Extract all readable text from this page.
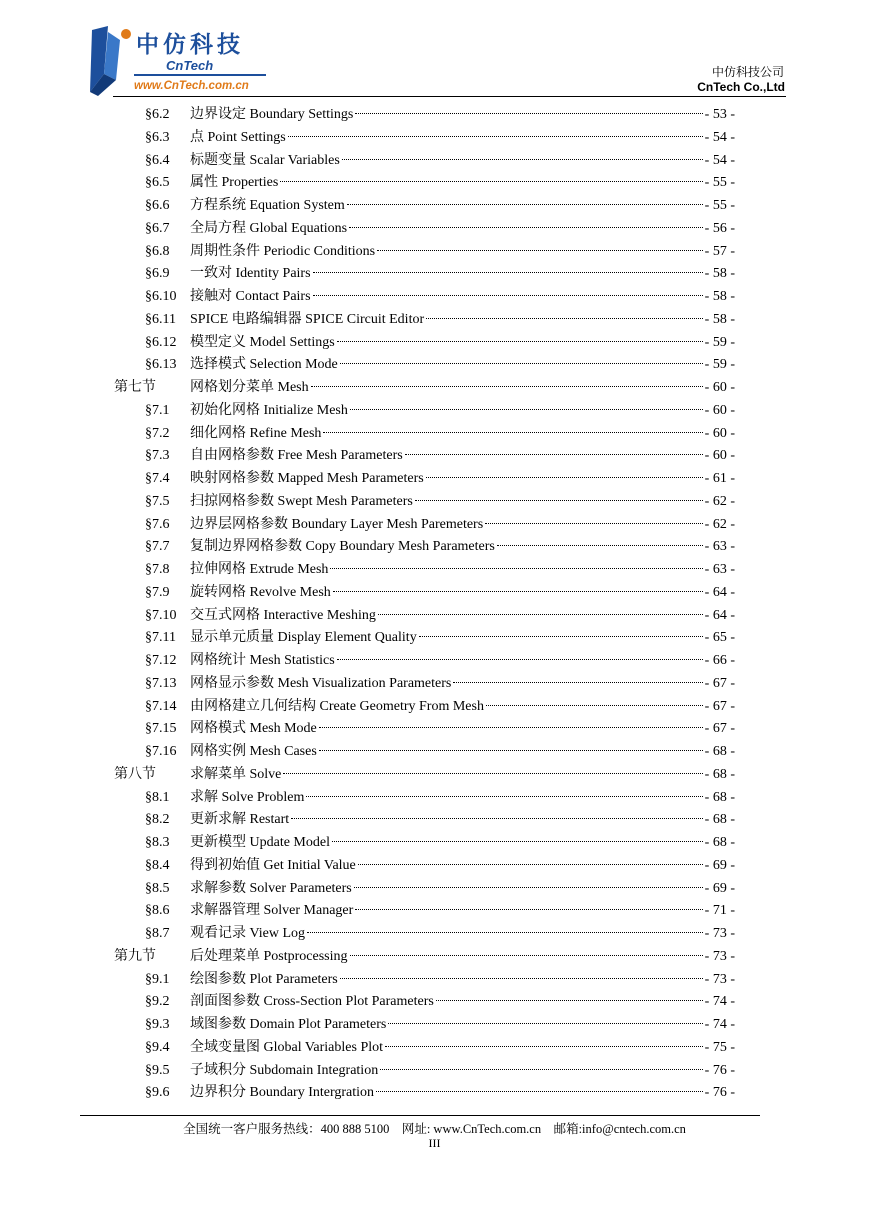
中仿科技
CnTech
www.CnTech.com.cn
中仿科技公司
CnTech Co.,Ltd
§6.2	边界设定 Boundary Settings	- 53 -
§6.3	点 Point Settings	- 54 -
§6.4	标题变量 Scalar Variables	- 54 -
§6.5	属性 Properties	- 55 -
§6.6	方程系统 Equation System	- 55 -
§6.7	全局方程 Global Equations	- 56 -
§6.8	周期性条件 Periodic Conditions	- 57 -
§6.9	一致对 Identity Pairs	- 58 -
§6.10 接触对 Contact Pairs	- 58 -
§6.11	SPICE 电路编辑器 SPICE Circuit Editor	- 58 -
§6.12 模型定义 Model Settings	- 59 -
§6.13 选择模式 Selection Mode	- 59 -
第七节	网格划分菜单 Mesh	- 60 -
§7.1	初始化网格 Initialize Mesh	- 60 -
§7.2	细化网格 Refine Mesh	- 60 -
§7.3	自由网格参数 Free Mesh Parameters	- 60 -
§7.4	映射网格参数 Mapped Mesh Parameters	- 61 -
§7.5	扫掠网格参数 Swept Mesh Parameters	- 62 -
§7.6	边界层网格参数 Boundary Layer Mesh Paremeters	- 62 -
§7.7	复制边界网格参数 Copy Boundary Mesh Parameters	- 63 -
§7.8	拉伸网格 Extrude Mesh	- 63 -
§7.9	旋转网格 Revolve Mesh	- 64 -
§7.10 交互式网格 Interactive Meshing	- 64 -
§7.11	显示单元质量 Display Element Quality	- 65 -
§7.12 网格统计 Mesh Statistics	- 66 -
§7.13 网格显示参数 Mesh Visualization Parameters	- 67 -
§7.14 由网格建立几何结构 Create Geometry From Mesh	- 67 -
§7.15 网格模式 Mesh Mode	- 67 -
§7.16 网格实例 Mesh Cases	- 68 -
第八节	求解菜单 Solve	- 68 -
§8.1	求解 Solve Problem	- 68 -
§8.2	更新求解 Restart	- 68 -
§8.3	更新模型 Update Model	- 68 -
§8.4	得到初始值 Get Initial Value	- 69 -
§8.5	求解参数 Solver Parameters	- 69 -
§8.6	求解器管理 Solver Manager	- 71 -
§8.7	观看记录 View Log	- 73 -
第九节	后处理菜单 Postprocessing	- 73 -
§9.1	绘图参数 Plot Parameters	- 73 -
§9.2	剖面图参数 Cross-Section Plot Parameters	- 74 -
§9.3	域图参数 Domain Plot Parameters	- 74 -
§9.4	全域变量图 Global Variables Plot	- 75 -
§9.5	子域积分 Subdomain Integration	- 76 -
§9.6	边界积分 Boundary Intergration	- 76 -
全国统一客户服务热线：400 888 5100    网址: www.CnTech.com.cn    邮箱:info@cntech.com.cn
III
